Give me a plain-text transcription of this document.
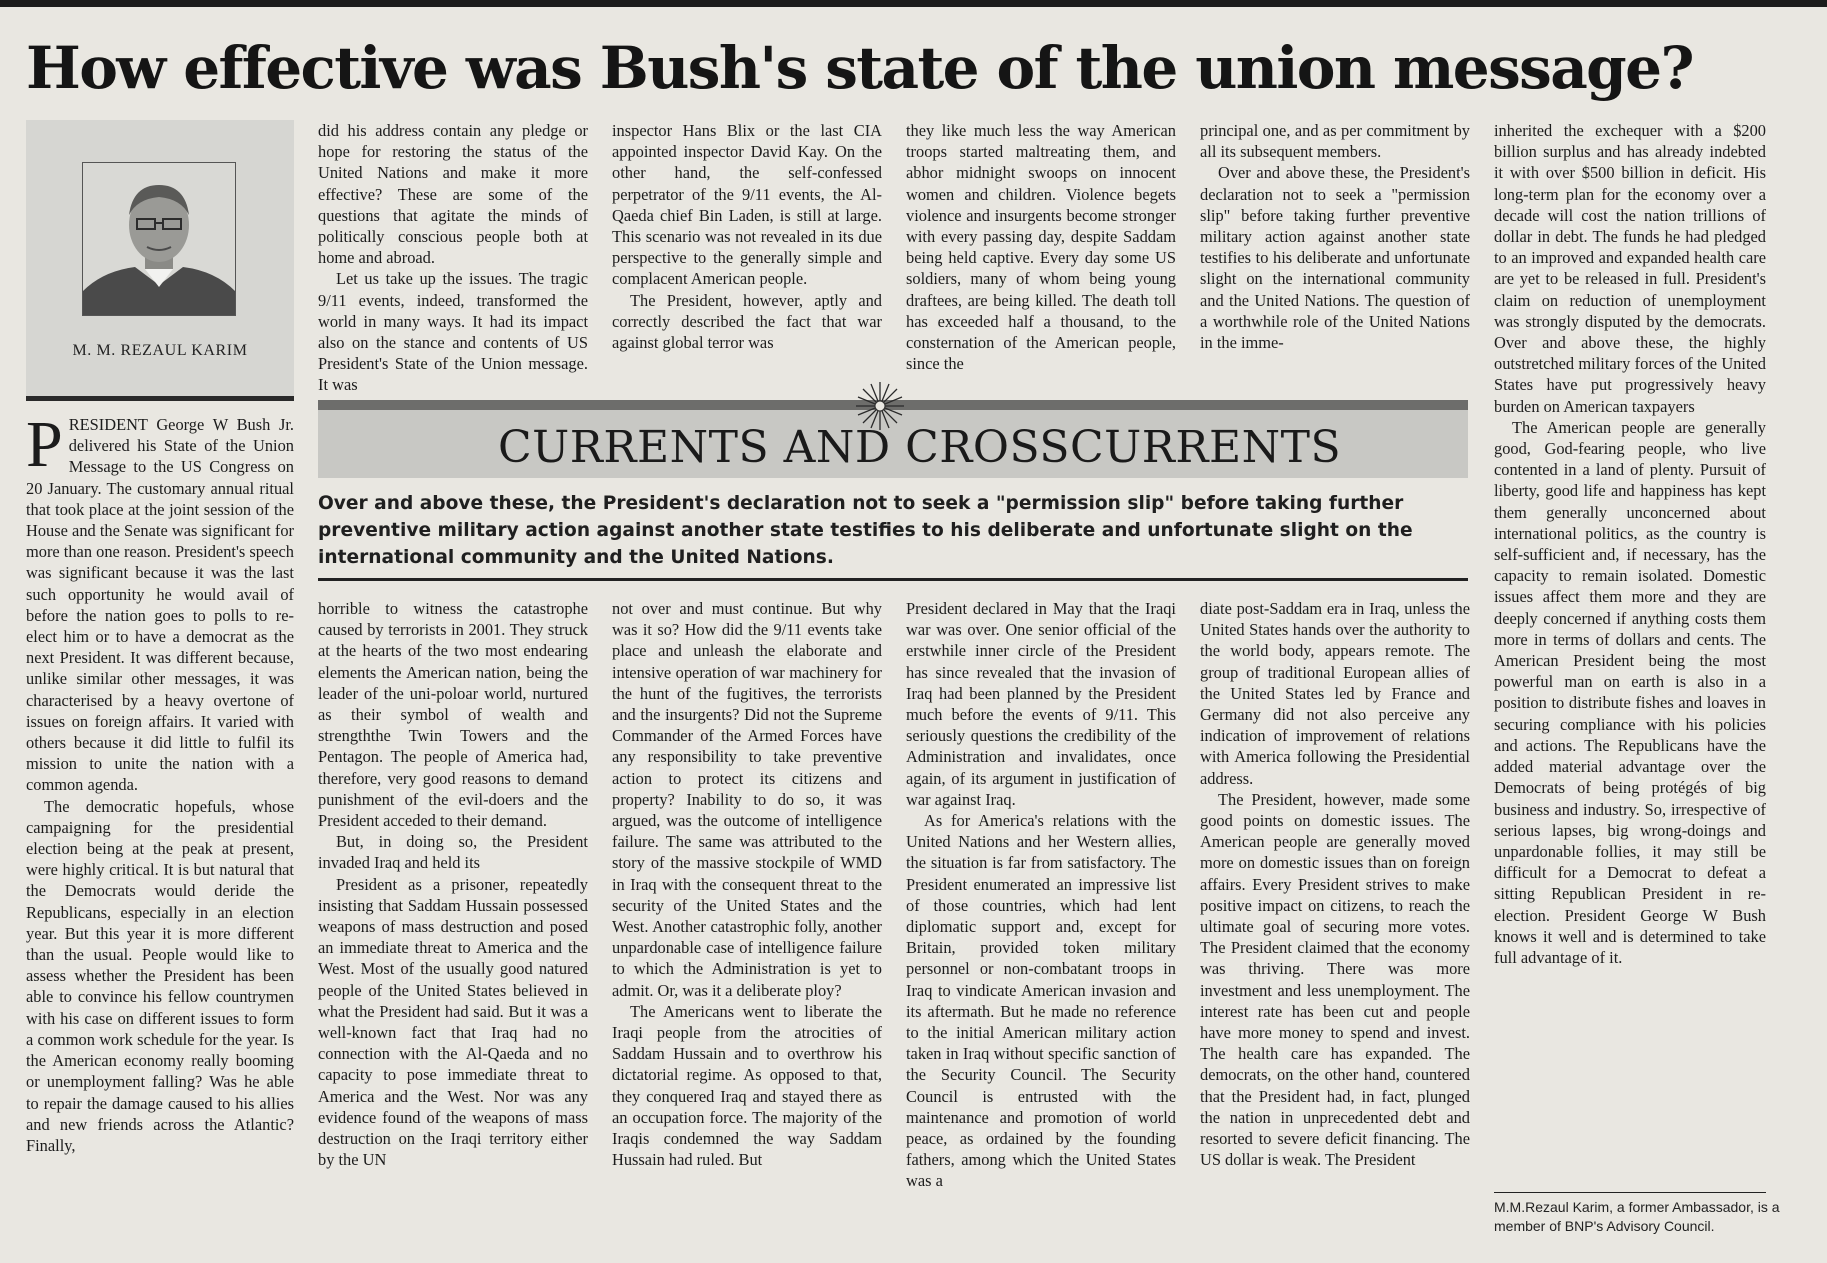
How effective was Bush's state of the union message?

M. M. REZAUL KARIM

PRESIDENT George W Bush Jr. delivered his State of the Union Message to the US Congress on 20 January. The customary annual ritual that took place at the joint session of the House and the Senate was significant for more than one reason. President's speech was significant because it was the last such opportunity he would avail of before the nation goes to polls to re-elect him or to have a democrat as the next President. It was different because, unlike similar other messages, it was characterised by a heavy overtone of issues on foreign affairs. It varied with others because it did little to fulfil its mission to unite the nation with a common agenda.

The democratic hopefuls, whose campaigning for the presidential election being at the peak at present, were highly critical. It is but natural that the Democrats would deride the Republicans, especially in an election year. But this year it is more different than the usual. People would like to assess whether the President has been able to convince his fellow countrymen with his case on different issues to form a common work schedule for the year. Is the American economy really booming or unemployment falling? Was he able to repair the damage caused to his allies and new friends across the Atlantic? Finally,

did his address contain any pledge or hope for restoring the status of the United Nations and make it more effective? These are some of the questions that agitate the minds of politically conscious people both at home and abroad.

Let us take up the issues. The tragic 9/11 events, indeed, transformed the world in many ways. It had its impact also on the stance and contents of US President's State of the Union message. It was

inspector Hans Blix or the last CIA appointed inspector David Kay. On the other hand, the self-confessed perpetrator of the 9/11 events, the Al-Qaeda chief Bin Laden, is still at large. This scenario was not revealed in its due perspective to the generally simple and complacent American people.

The President, however, aptly and correctly described the fact that war against global terror was

they like much less the way American troops started maltreating them, and abhor midnight swoops on innocent women and children. Violence begets violence and insurgents become stronger with every passing day, despite Saddam being held captive. Every day some US soldiers, many of whom being young draftees, are being killed. The death toll has exceeded half a thousand, to the consternation of the American people, since the

principal one, and as per commitment by all its subsequent members.

Over and above these, the President's declaration not to seek a "permission slip" before taking further preventive military action against another state testifies to his deliberate and unfortunate slight on the international community and the United Nations. The question of a worthwhile role of the United Nations in the imme-

inherited the exchequer with a $200 billion surplus and has already indebted it with over $500 billion in deficit. His long-term plan for the economy over a decade will cost the nation trillions of dollar in debt. The funds he had pledged to an improved and expanded health care are yet to be released in full. President's claim on reduction of unemployment was strongly disputed by the democrats. Over and above these, the highly outstretched military forces of the United States have put progressively heavy burden on American taxpayers

The American people are generally good, God-fearing people, who live contented in a land of plenty. Pursuit of liberty, good life and happiness has kept them generally unconcerned about international politics, as the country is self-sufficient and, if necessary, has the capacity to remain isolated. Domestic issues affect them more and they are deeply concerned if anything costs them more in terms of dollars and cents. The American President being the most powerful man on earth is also in a position to distribute fishes and loaves in securing compliance with his policies and actions. The Republicans have the added material advantage over the Democrats of being protégés of big business and industry. So, irrespective of serious lapses, big wrong-doings and unpardonable follies, it may still be difficult for a Democrat to defeat a sitting Republican President in re-election. President George W Bush knows it well and is determined to take full advantage of it.

CURRENTS AND CROSSCURRENTS

Over and above these, the President's declaration not to seek a "permission slip" before taking further preventive military action against another state testifies to his deliberate and unfortunate slight on the international community and the United Nations.

horrible to witness the catastrophe caused by terrorists in 2001. They struck at the hearts of the two most endearing elements the American nation, being the leader of the uni-poloar world, nurtured as their symbol of wealth and strengththe Twin Towers and the Pentagon. The people of America had, therefore, very good reasons to demand punishment of the evil-doers and the President acceded to their demand.

But, in doing so, the President invaded Iraq and held its

President as a prisoner, repeatedly insisting that Saddam Hussain possessed weapons of mass destruction and posed an immediate threat to America and the West. Most of the usually good natured people of the United States believed in what the President had said. But it was a well-known fact that Iraq had no connection with the Al-Qaeda and no capacity to pose immediate threat to America and the West. Nor was any evidence found of the weapons of mass destruction on the Iraqi territory either by the UN

not over and must continue. But why was it so? How did the 9/11 events take place and unleash the elaborate and intensive operation of war machinery for the hunt of the fugitives, the terrorists and the insurgents? Did not the Supreme Commander of the Armed Forces have any responsibility to take preventive action to protect its citizens and property? Inability to do so, it was argued, was the outcome of intelligence failure. The same was attributed to the story of the massive stockpile of WMD in Iraq with the consequent threat to the security of the United States and the West. Another catastrophic folly, another unpardonable case of intelligence failure to which the Administration is yet to admit. Or, was it a deliberate ploy?

The Americans went to liberate the Iraqi people from the atrocities of Saddam Hussain and to overthrow his dictatorial regime. As opposed to that, they conquered Iraq and stayed there as an occupation force. The majority of the Iraqis condemned the way Saddam Hussain had ruled. But

President declared in May that the Iraqi war was over. One senior official of the erstwhile inner circle of the President has since revealed that the invasion of Iraq had been planned by the President much before the events of 9/11. This seriously questions the credibility of the Administration and invalidates, once again, of its argument in justification of war against Iraq.

As for America's relations with the United Nations and her Western allies, the situation is far from satisfactory. The President enumerated an impressive list of those countries, which had lent diplomatic support and, except for Britain, provided token military personnel or non-combatant troops in Iraq to vindicate American invasion and its aftermath. But he made no reference to the initial American military action taken in Iraq without specific sanction of the Security Council. The Security Council is entrusted with the maintenance and promotion of world peace, as ordained by the founding fathers, among which the United States was a

diate post-Saddam era in Iraq, unless the United States hands over the authority to the world body, appears remote. The group of traditional European allies of the United States led by France and Germany did not also perceive any indication of improvement of relations with America following the Presidential address.

The President, however, made some good points on domestic issues. The American people are generally moved more on domestic issues than on foreign affairs. Every President strives to make positive impact on citizens, to reach the ultimate goal of securing more votes. The President claimed that the economy was thriving. There was more investment and less unemployment. The interest rate has been cut and people have more money to spend and invest. The health care has expanded. The democrats, on the other hand, countered that the President had, in fact, plunged the nation in unprecedented debt and resorted to severe deficit financing. The US dollar is weak. The President

M.M.Rezaul Karim, a former Ambassador, is a member of BNP's Advisory Council.
